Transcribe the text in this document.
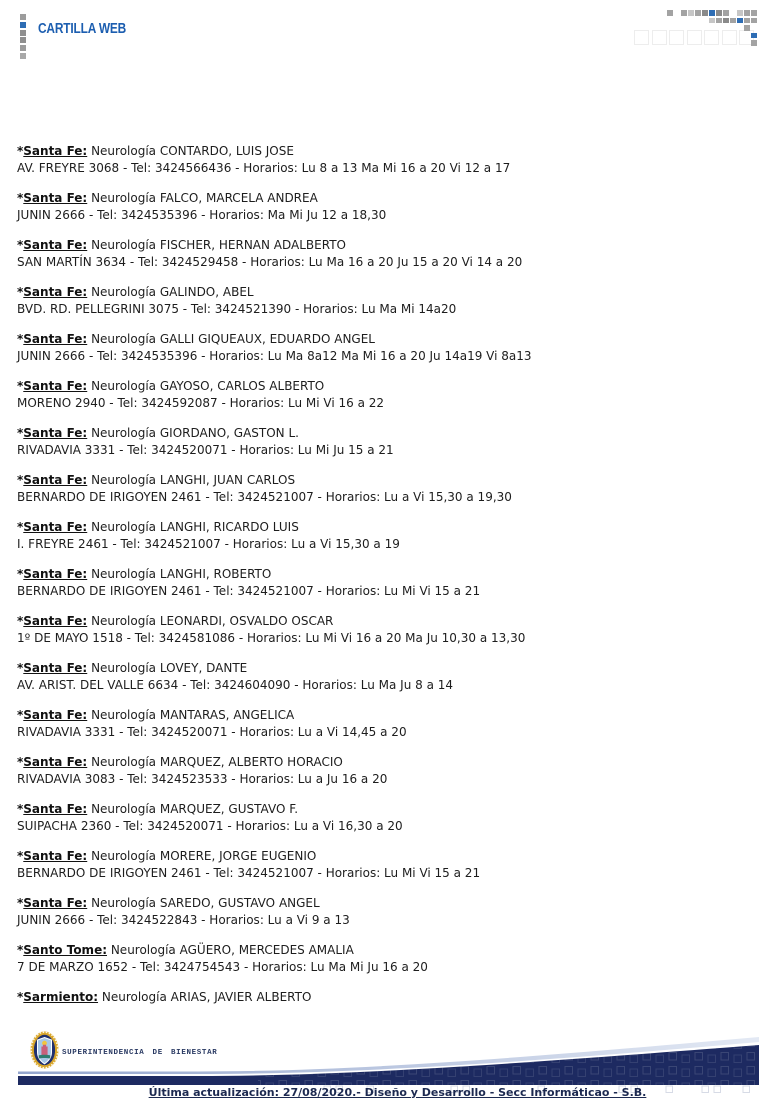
CARTILLA WEB
*Santa Fe: Neurología CONTARDO, LUIS JOSE
AV. FREYRE 3068 - Tel: 3424566436 - Horarios: Lu 8 a 13 Ma Mi 16 a 20 Vi 12 a 17
*Santa Fe: Neurología FALCO, MARCELA ANDREA
JUNIN 2666 - Tel: 3424535396 - Horarios: Ma Mi Ju 12 a 18,30
*Santa Fe: Neurología FISCHER, HERNAN ADALBERTO
SAN MARTÍN 3634 - Tel: 3424529458 - Horarios: Lu Ma 16 a 20 Ju 15 a 20 Vi 14 a 20
*Santa Fe: Neurología GALINDO, ABEL
BVD. RD. PELLEGRINI 3075 - Tel: 3424521390 - Horarios: Lu Ma Mi 14a20
*Santa Fe: Neurología GALLI GIQUEAUX, EDUARDO ANGEL
JUNIN 2666 - Tel: 3424535396 - Horarios: Lu Ma 8a12 Ma Mi 16 a 20 Ju 14a19 Vi 8a13
*Santa Fe: Neurología GAYOSO, CARLOS ALBERTO
MORENO 2940 - Tel: 3424592087 - Horarios: Lu Mi Vi 16 a 22
*Santa Fe: Neurología GIORDANO, GASTON L.
RIVADAVIA 3331 - Tel: 3424520071 - Horarios: Lu Mi Ju 15 a 21
*Santa Fe: Neurología LANGHI, JUAN CARLOS
BERNARDO DE IRIGOYEN 2461 - Tel: 3424521007 - Horarios: Lu a Vi 15,30 a 19,30
*Santa Fe: Neurología LANGHI, RICARDO LUIS
I. FREYRE 2461 - Tel: 3424521007 - Horarios: Lu a Vi 15,30 a 19
*Santa Fe: Neurología LANGHI, ROBERTO
BERNARDO DE IRIGOYEN 2461 - Tel: 3424521007 - Horarios: Lu Mi Vi 15 a 21
*Santa Fe: Neurología LEONARDI, OSVALDO OSCAR
1º DE MAYO 1518 - Tel: 3424581086 - Horarios: Lu Mi Vi 16 a 20 Ma Ju 10,30 a 13,30
*Santa Fe: Neurología LOVEY, DANTE
AV. ARIST. DEL VALLE 6634 - Tel: 3424604090 - Horarios: Lu Ma Ju 8 a 14
*Santa Fe: Neurología MANTARAS, ANGELICA
RIVADAVIA 3331 - Tel: 3424520071 - Horarios: Lu a Vi 14,45 a 20
*Santa Fe: Neurología MARQUEZ, ALBERTO HORACIO
RIVADAVIA 3083 - Tel: 3424523533 - Horarios: Lu a Ju 16 a 20
*Santa Fe: Neurología MARQUEZ, GUSTAVO F.
SUIPACHA 2360 - Tel: 3424520071 - Horarios: Lu a Vi 16,30 a 20
*Santa Fe: Neurología MORERE, JORGE EUGENIO
BERNARDO DE IRIGOYEN 2461 - Tel: 3424521007 - Horarios: Lu Mi Vi 15 a 21
*Santa Fe: Neurología SAREDO, GUSTAVO ANGEL
JUNIN 2666 - Tel: 3424522843 - Horarios: Lu a Vi 9 a 13
*Santo Tome: Neurología AGÜERO, MERCEDES AMALIA
7 DE MARZO 1652 - Tel: 3424754543 - Horarios: Lu Ma Mi Ju 16 a 20
*Sarmiento: Neurología ARIAS, JAVIER ALBERTO
SUPERINTENDENCIA DE BIENESTAR
Última actualización: 27/08/2020.- Diseño y Desarrollo - Secc Informáticao - S.B.
